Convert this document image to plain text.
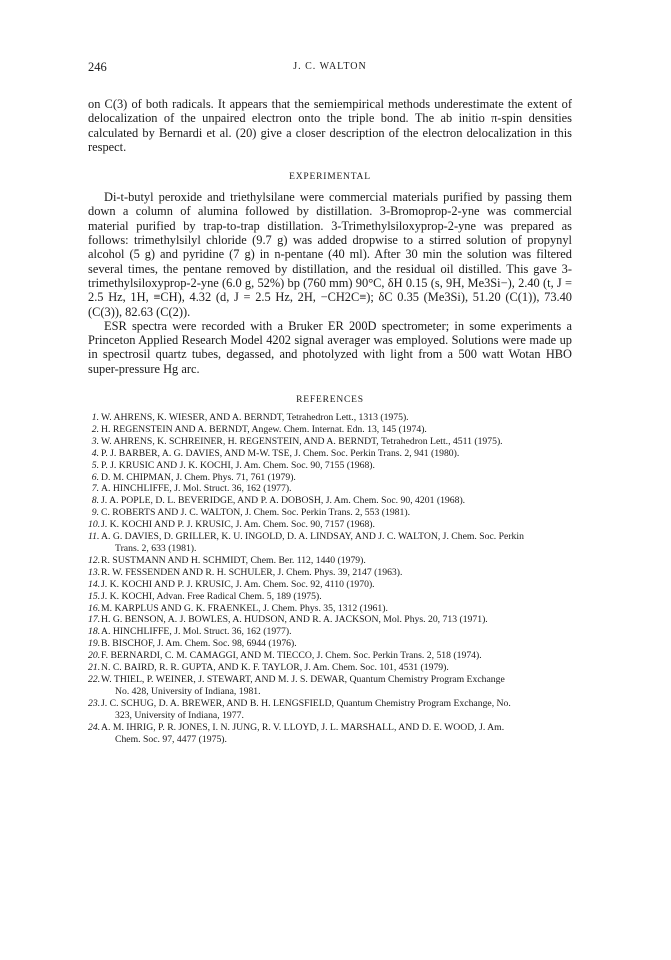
246	J. C. WALTON

on C(3) of both radicals. It appears that the semiempirical methods underestimate the extent of delocalization of the unpaired electron onto the triple bond. The ab initio π-spin densities calculated by Bernardi et al. (20) give a closer description of the electron delocalization in this respect.

EXPERIMENTAL

Di-t-butyl peroxide and triethylsilane were commercial materials purified by passing them down a column of alumina followed by distillation. 3-Bromoprop-2-yne was commercial material purified by trap-to-trap distillation. 3-Trimethylsiloxyprop-2-yne was prepared as follows: trimethylsilyl chloride (9.7 g) was added dropwise to a stirred solution of propynyl alcohol (5 g) and pyridine (7 g) in n-pentane (40 ml). After 30 min the solution was filtered several times, the pentane removed by distillation, and the residual oil distilled. This gave 3-trimethylsiloxyprop-2-yne (6.0 g, 52%) bp (760 mm) 90°C, δH 0.15 (s, 9H, Me3Si−), 2.40 (t, J = 2.5 Hz, 1H, ≡CH), 4.32 (d, J = 2.5 Hz, 2H, −CH2C≡); δC 0.35 (Me3Si), 51.20 (C(1)), 73.40 (C(3)), 82.63 (C(2)).

ESR spectra were recorded with a Bruker ER 200D spectrometer; in some experiments a Princeton Applied Research Model 4202 signal averager was employed. Solutions were made up in spectrosil quartz tubes, degassed, and photolyzed with light from a 500 watt Wotan HBO super-pressure Hg arc.

REFERENCES
1. W. AHRENS, K. WIESER, AND A. BERNDT, Tetrahedron Lett., 1313 (1975).
2. H. REGENSTEIN AND A. BERNDT, Angew. Chem. Internat. Edn. 13, 145 (1974).
3. W. AHRENS, K. SCHREINER, H. REGENSTEIN, AND A. BERNDT, Tetrahedron Lett., 4511 (1975).
4. P. J. BARBER, A. G. DAVIES, AND M-W. TSE, J. Chem. Soc. Perkin Trans. 2, 941 (1980).
5. P. J. KRUSIC AND J. K. KOCHI, J. Am. Chem. Soc. 90, 7155 (1968).
6. D. M. CHIPMAN, J. Chem. Phys. 71, 761 (1979).
7. A. HINCHLIFFE, J. Mol. Struct. 36, 162 (1977).
8. J. A. POPLE, D. L. BEVERIDGE, AND P. A. DOBOSH, J. Am. Chem. Soc. 90, 4201 (1968).
9. C. ROBERTS AND J. C. WALTON, J. Chem. Soc. Perkin Trans. 2, 553 (1981).
10. J. K. KOCHI AND P. J. KRUSIC, J. Am. Chem. Soc. 90, 7157 (1968).
11. A. G. DAVIES, D. GRILLER, K. U. INGOLD, D. A. LINDSAY, AND J. C. WALTON, J. Chem. Soc. Perkin
Trans. 2, 633 (1981).
12. R. SUSTMANN AND H. SCHMIDT, Chem. Ber. 112, 1440 (1979).
13. R. W. FESSENDEN AND R. H. SCHULER, J. Chem. Phys. 39, 2147 (1963).
14. J. K. KOCHI AND P. J. KRUSIC, J. Am. Chem. Soc. 92, 4110 (1970).
15. J. K. KOCHI, Advan. Free Radical Chem. 5, 189 (1975).
16. M. KARPLUS AND G. K. FRAENKEL, J. Chem. Phys. 35, 1312 (1961).
17. H. G. BENSON, A. J. BOWLES, A. HUDSON, AND R. A. JACKSON, Mol. Phys. 20, 713 (1971).
18. A. HINCHLIFFE, J. Mol. Struct. 36, 162 (1977).
19. B. BISCHOF, J. Am. Chem. Soc. 98, 6944 (1976).
20. F. BERNARDI, C. M. CAMAGGI, AND M. TIECCO, J. Chem. Soc. Perkin Trans. 2, 518 (1974).
21. N. C. BAIRD, R. R. GUPTA, AND K. F. TAYLOR, J. Am. Chem. Soc. 101, 4531 (1979).
22. W. THIEL, P. WEINER, J. STEWART, AND M. J. S. DEWAR, Quantum Chemistry Program Exchange
No. 428, University of Indiana, 1981.
23. J. C. SCHUG, D. A. BREWER, AND B. H. LENGSFIELD, Quantum Chemistry Program Exchange, No.
323, University of Indiana, 1977.
24. A. M. IHRIG, P. R. JONES, I. N. JUNG, R. V. LLOYD, J. L. MARSHALL, AND D. E. WOOD, J. Am.
Chem. Soc. 97, 4477 (1975).
